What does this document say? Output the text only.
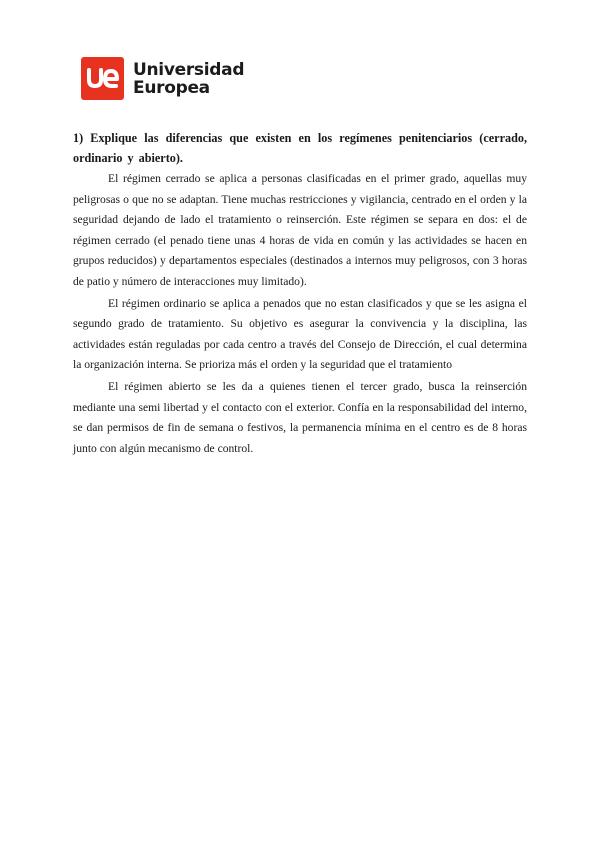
Universidad
Europea

1) Explique las diferencias que existen en los regímenes penitenciarios (cerrado, ordinario y abierto).

El régimen cerrado se aplica a personas clasificadas en el primer grado, aquellas muy peligrosas o que no se adaptan. Tiene muchas restricciones y vigilancia, centrado en el orden y la seguridad dejando de lado el tratamiento o reinserción. Este régimen se separa en dos: el de régimen cerrado (el penado tiene unas 4 horas de vida en común y las actividades se hacen en grupos reducidos) y departamentos especiales (destinados a internos muy peligrosos, con 3 horas de patio y número de interacciones muy limitado).

El régimen ordinario se aplica a penados que no estan clasificados y que se les asigna el segundo grado de tratamiento. Su objetivo es asegurar la convivencia y la disciplina, las actividades están reguladas por cada centro a través del Consejo de Dirección, el cual determina la organización interna. Se prioriza más el orden y la seguridad que el tratamiento

El régimen abierto se les da a quienes tienen el tercer grado, busca la reinserción mediante una semi libertad y el contacto con el exterior. Confía en la responsabilidad del interno, se dan permisos de fin de semana o festivos, la permanencia mínima en el centro es de 8 horas junto con algún mecanismo de control.
